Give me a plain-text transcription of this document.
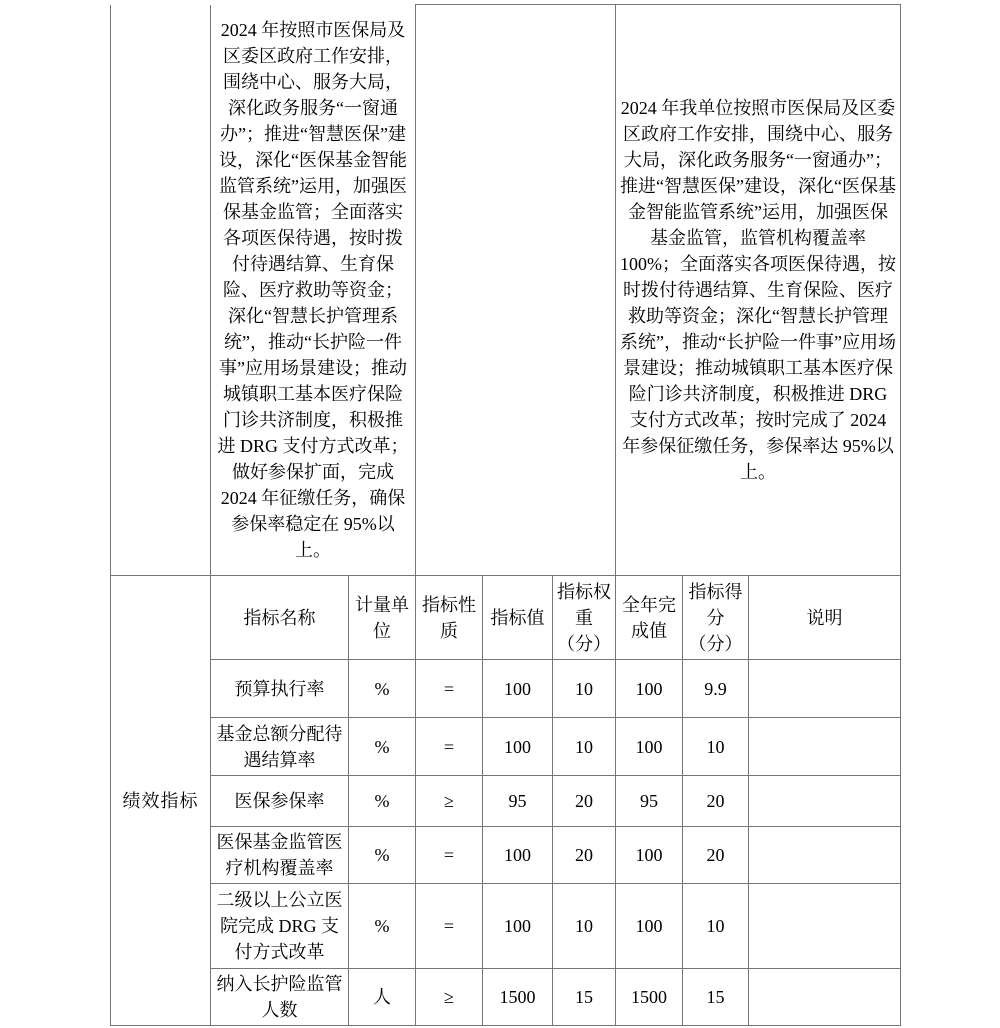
	2024 年按照市医保局及区委区政府工作安排，围绕中心、服务大局，深化政务服务“一窗通办”；推进“智慧医保”建设，深化“医保基金智能监管系统”运用，加强医保基金监管；全面落实各项医保待遇，按时拨付待遇结算、生育保险、医疗救助等资金；深化“智慧长护管理系统”，推动“长护险一件事”应用场景建设；推动城镇职工基本医疗保险门诊共济制度，积极推进 DRG 支付方式改革；做好参保扩面，完成 2024 年征缴任务，确保参保率稳定在 95%以上。		2024 年我单位按照市医保局及区委区政府工作安排，围绕中心、服务大局，深化政务服务“一窗通办”；推进“智慧医保”建设，深化“医保基金智能监管系统”运用，加强医保基金监管，监管机构覆盖率 100%；全面落实各项医保待遇，按时拨付待遇结算、生育保险、医疗救助等资金；深化“智慧长护管理系统”，推动“长护险一件事”应用场景建设；推动城镇职工基本医疗保险门诊共济制度，积极推进 DRG 支付方式改革；按时完成了 2024 年参保征缴任务，参保率达 95%以上。
绩效指标	指标名称	计量单位	指标性质	指标值	指标权重（分）	全年完成值	指标得分（分）	说明
	预算执行率	%	=	100	10	100	9.9	
	基金总额分配待遇结算率	%	=	100	10	100	10	
	医保参保率	%	≥	95	20	95	20	
	医保基金监管医疗机构覆盖率	%	=	100	20	100	20	
	二级以上公立医院完成 DRG 支付方式改革	%	=	100	10	100	10	
	纳入长护险监管人数	人	≥	1500	15	1500	15	
